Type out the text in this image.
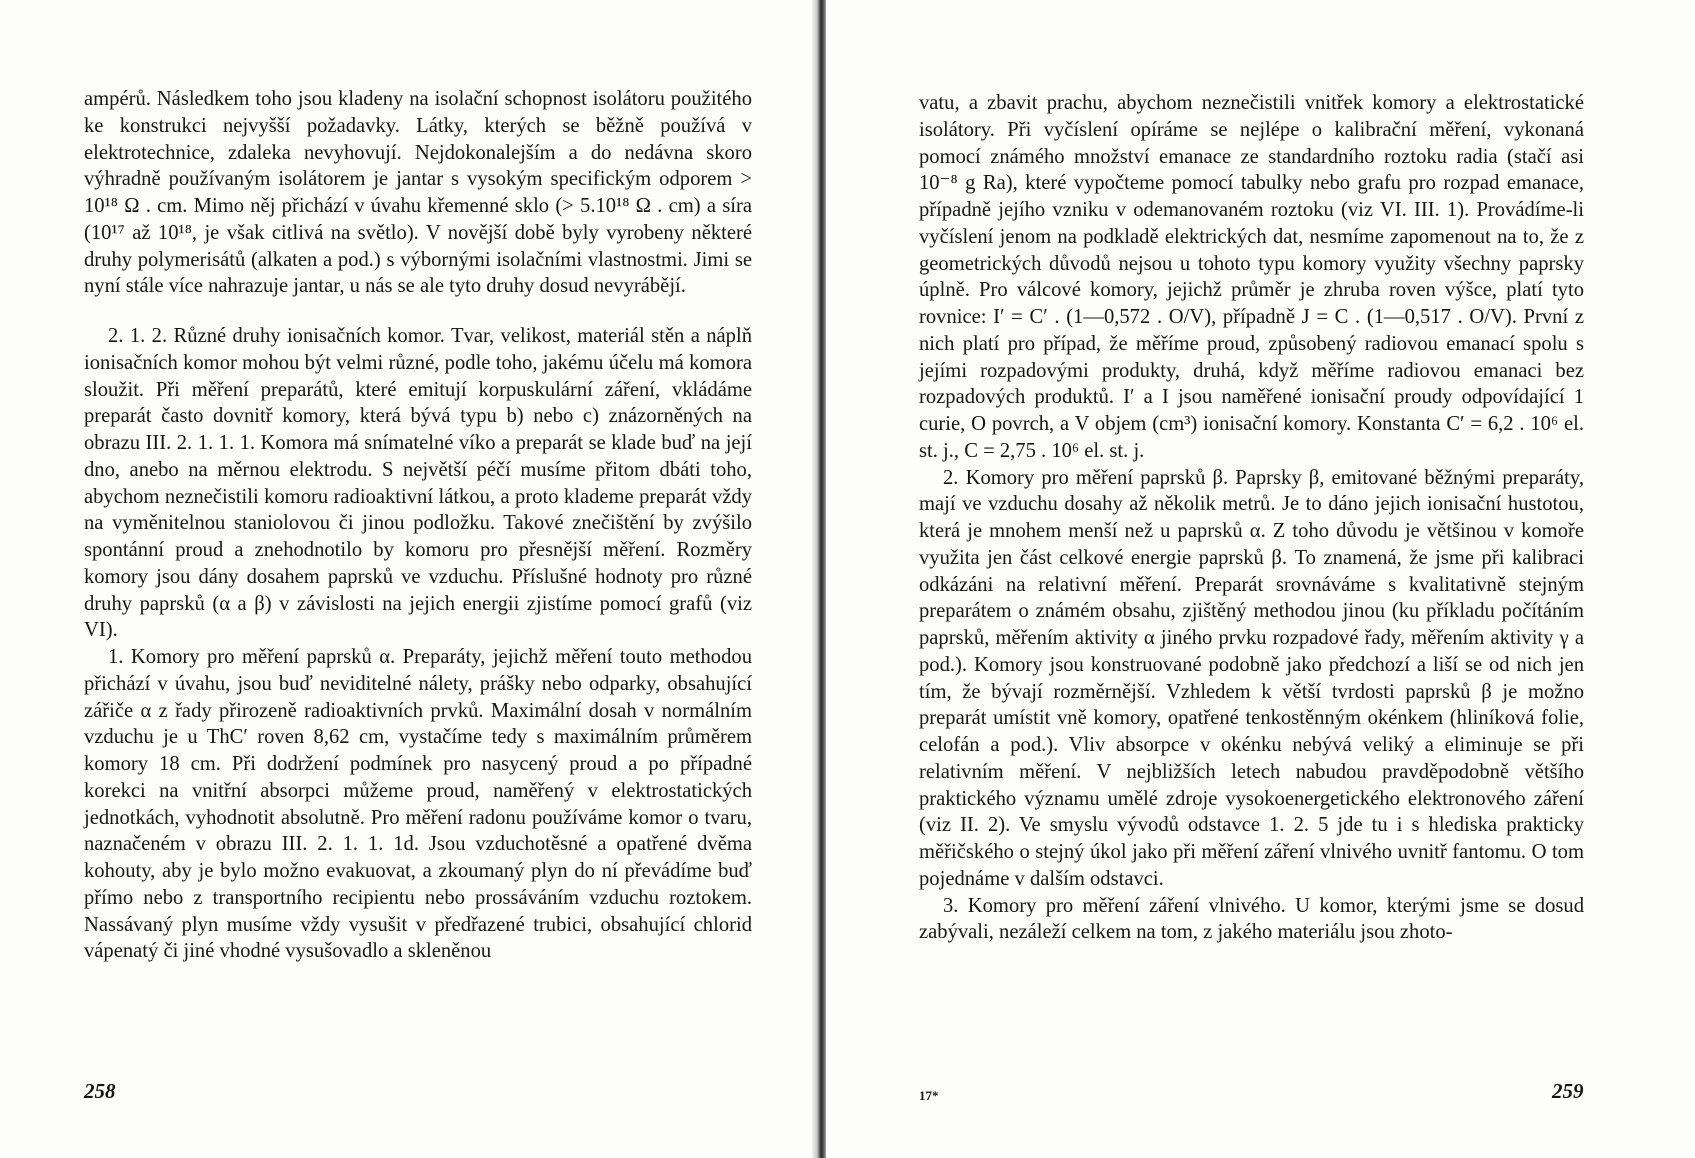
ampérů. Následkem toho jsou kladeny na isolační schopnost isolátoru použitého ke konstrukci nejvyšší požadavky. Látky, kterých se běžně používá v elektrotechnice, zdaleka nevyhovují. Nejdokonalejším a do nedávna skoro výhradně používaným isolátorem je jantar s vysokým specifickým odporem > 10¹⁸ Ω . cm. Mimo něj přichází v úvahu křemenné sklo (> 5.10¹⁸ Ω . cm) a síra (10¹⁷ až 10¹⁸, je však citlivá na světlo). V novější době byly vyrobeny některé druhy polymerisátů (alkaten a pod.) s výbornými isolačními vlastnostmi. Jimi se nyní stále více nahrazuje jantar, u nás se ale tyto druhy dosud nevyrábějí.

2. 1. 2. Různé druhy ionisačních komor. Tvar, velikost, materiál stěn a náplň ionisačních komor mohou být velmi různé, podle toho, jakému účelu má komora sloužit. Při měření preparátů, které emitují korpuskulární záření, vkládáme preparát často dovnitř komory, která bývá typu b) nebo c) znázorněných na obrazu III. 2. 1. 1. 1. Komora má snímatelné víko a preparát se klade buď na její dno, anebo na měrnou elektrodu. S největší péčí musíme přitom dbáti toho, abychom neznečistili komoru radioaktivní látkou, a proto klademe preparát vždy na vyměnitelnou staniolovou či jinou podložku. Takové znečištění by zvýšilo spontánní proud a znehodnotilo by komoru pro přesnější měření. Rozměry komory jsou dány dosahem paprsků ve vzduchu. Příslušné hodnoty pro různé druhy paprsků (α a β) v závislosti na jejich energii zjistíme pomocí grafů (viz VI).

1. Komory pro měření paprsků α. Preparáty, jejichž měření touto methodou přichází v úvahu, jsou buď neviditelné nálety, prášky nebo odparky, obsahující zářiče α z řady přirozeně radioaktivních prvků. Maximální dosah v normálním vzduchu je u ThC′ roven 8,62 cm, vystačíme tedy s maximálním průměrem komory 18 cm. Při dodržení podmínek pro nasycený proud a po případné korekci na vnitřní absorpci můžeme proud, naměřený v elektrostatických jednotkách, vyhodnotit absolutně. Pro měření radonu používáme komor o tvaru, naznačeném v obrazu III. 2. 1. 1. 1d. Jsou vzduchotěsné a opatřené dvěma kohouty, aby je bylo možno evakuovat, a zkoumaný plyn do ní převádíme buď přímo nebo z transportního recipientu nebo prossáváním vzduchu roztokem. Nassávaný plyn musíme vždy vysušit v předřazené trubici, obsahující chlorid vápenatý či jiné vhodné vysušovadlo a skleněnou

258

vatu, a zbavit prachu, abychom neznečistili vnitřek komory a elektrostatické isolátory. Při vyčíslení opíráme se nejlépe o kalibrační měření, vykonaná pomocí známého množství emanace ze standardního roztoku radia (stačí asi 10⁻⁸ g Ra), které vypočteme pomocí tabulky nebo grafu pro rozpad emanace, případně jejího vzniku v odemanovaném roztoku (viz VI. III. 1). Provádíme-li vyčíslení jenom na podkladě elektrických dat, nesmíme zapomenout na to, že z geometrických důvodů nejsou u tohoto typu komory využity všechny paprsky úplně. Pro válcové komory, jejichž průměr je zhruba roven výšce, platí tyto rovnice: I′ = C′ . (1—0,572 . O/V), případně J = C . (1—0,517 . O/V). První z nich platí pro případ, že měříme proud, způsobený radiovou emanací spolu s jejími rozpadovými produkty, druhá, když měříme radiovou emanaci bez rozpadových produktů. I′ a I jsou naměřené ionisační proudy odpovídající 1 curie, O povrch, a V objem (cm³) ionisační komory. Konstanta C′ = 6,2 . 10⁶ el. st. j., C = 2,75 . 10⁶ el. st. j.

2. Komory pro měření paprsků β. Paprsky β, emitované běžnými preparáty, mají ve vzduchu dosahy až několik metrů. Je to dáno jejich ionisační hustotou, která je mnohem menší než u paprsků α. Z toho důvodu je většinou v komoře využita jen část celkové energie paprsků β. To znamená, že jsme při kalibraci odkázáni na relativní měření. Preparát srovnáváme s kvalitativně stejným preparátem o známém obsahu, zjištěný methodou jinou (ku příkladu počítáním paprsků, měřením aktivity α jiného prvku rozpadové řady, měřením aktivity γ a pod.). Komory jsou konstruované podobně jako předchozí a liší se od nich jen tím, že bývají rozměrnější. Vzhledem k větší tvrdosti paprsků β je možno preparát umístit vně komory, opatřené tenkostěnným okénkem (hliníková folie, celofán a pod.). Vliv absorpce v okénku nebývá veliký a eliminuje se při relativním měření. V nejbližších letech nabudou pravděpodobně většího praktického významu umělé zdroje vysokoenergetického elektronového záření (viz II. 2). Ve smyslu vývodů odstavce 1. 2. 5 jde tu i s hlediska prakticky měřičského o stejný úkol jako při měření záření vlnivého uvnitř fantomu. O tom pojednáme v dalším odstavci.

3. Komory pro měření záření vlnivého. U komor, kterými jsme se dosud zabývali, nezáleží celkem na tom, z jakého materiálu jsou zhoto-

17*	259
